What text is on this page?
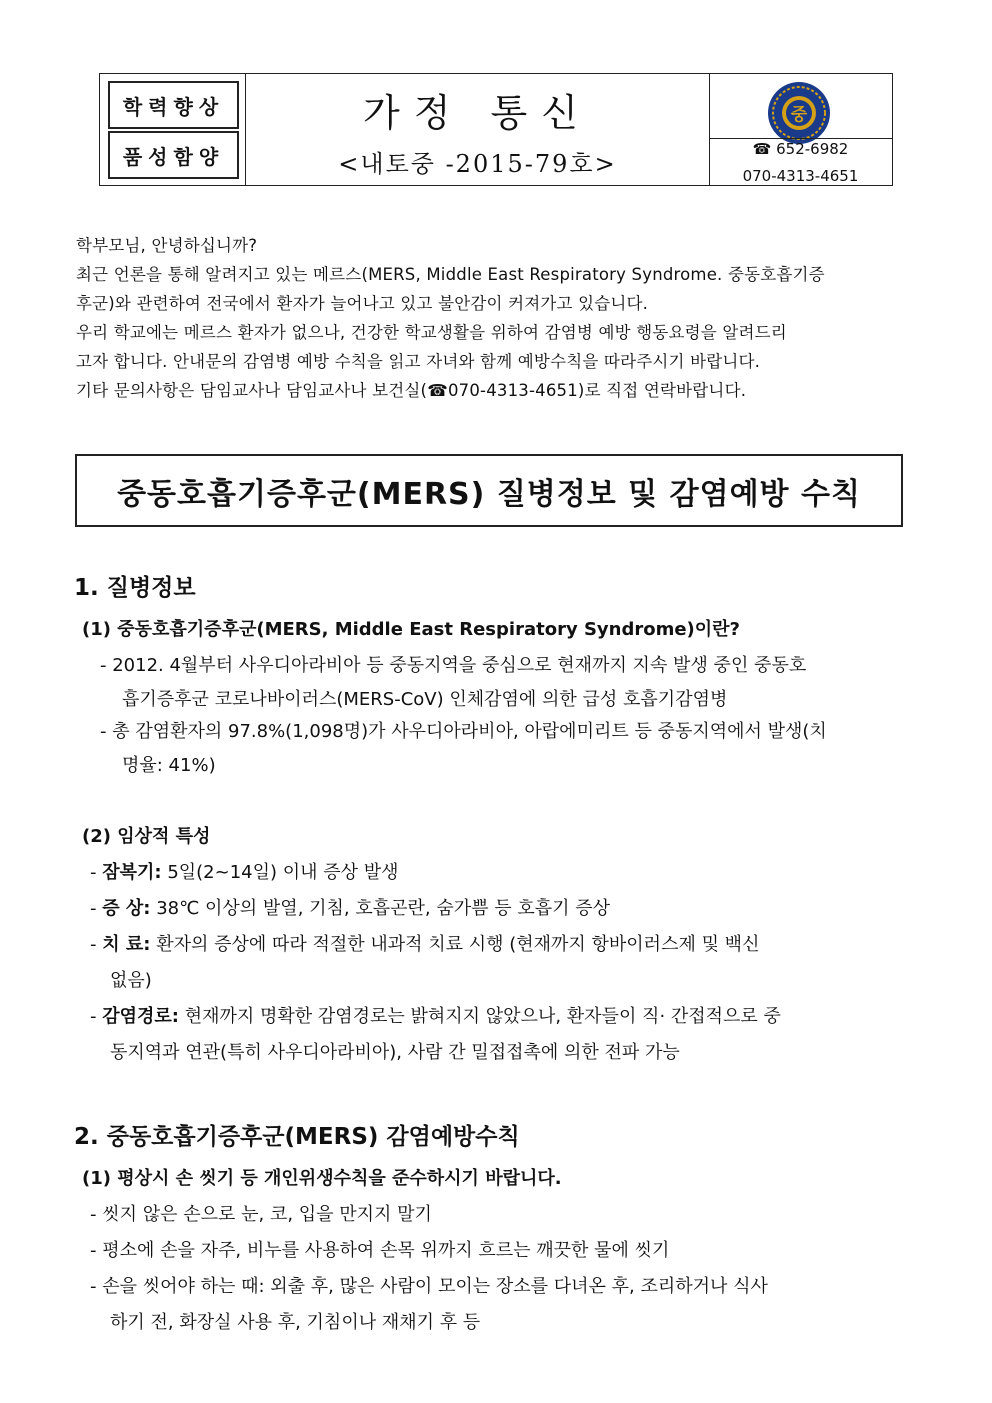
학력향상
품성함양
가정 통신
<내토중 -2015-79호>
중
☎ 652-6982
070-4313-4651
학부모님, 안녕하십니까?
최근 언론을 통해 알려지고 있는 메르스(MERS, Middle East Respiratory Syndrome. 중동호흡기증
후군)와 관련하여 전국에서 환자가 늘어나고 있고 불안감이 커져가고 있습니다.
우리 학교에는 메르스 환자가 없으나, 건강한 학교생활을 위하여 감염병 예방 행동요령을 알려드리
고자 합니다. 안내문의 감염병 예방 수칙을 읽고 자녀와 함께 예방수칙을 따라주시기 바랍니다.
기타 문의사항은 담임교사나 담임교사나 보건실(☎070-4313-4651)로 직접 연락바랍니다.
중동호흡기증후군(MERS) 질병정보 및 감염예방 수칙
1. 질병정보
(1) 중동호흡기증후군(MERS, Middle East Respiratory Syndrome)이란?
- 2012. 4월부터 사우디아라비아 등 중동지역을 중심으로 현재까지 지속 발생 중인 중동호
흡기증후군 코로나바이러스(MERS-CoV) 인체감염에 의한 급성 호흡기감염병
- 총 감염환자의 97.8%(1,098명)가 사우디아라비아, 아랍에미리트 등 중동지역에서 발생(치
명율: 41%)
(2) 임상적 특성
- 잠복기: 5일(2~14일) 이내 증상 발생
- 증 상: 38℃ 이상의 발열, 기침, 호흡곤란, 숨가쁨 등 호흡기 증상
- 치 료: 환자의 증상에 따라 적절한 내과적 치료 시행 (현재까지 항바이러스제 및 백신
없음)
- 감염경로: 현재까지 명확한 감염경로는 밝혀지지 않았으나, 환자들이 직· 간접적으로 중
동지역과 연관(특히 사우디아라비아), 사람 간 밀접접촉에 의한 전파 가능
2. 중동호흡기증후군(MERS) 감염예방수칙
(1) 평상시 손 씻기 등 개인위생수칙을 준수하시기 바랍니다.
- 씻지 않은 손으로 눈, 코, 입을 만지지 말기
- 평소에 손을 자주, 비누를 사용하여 손목 위까지 흐르는 깨끗한 물에 씻기
- 손을 씻어야 하는 때: 외출 후, 많은 사람이 모이는 장소를 다녀온 후, 조리하거나 식사
하기 전, 화장실 사용 후, 기침이나 재채기 후 등
